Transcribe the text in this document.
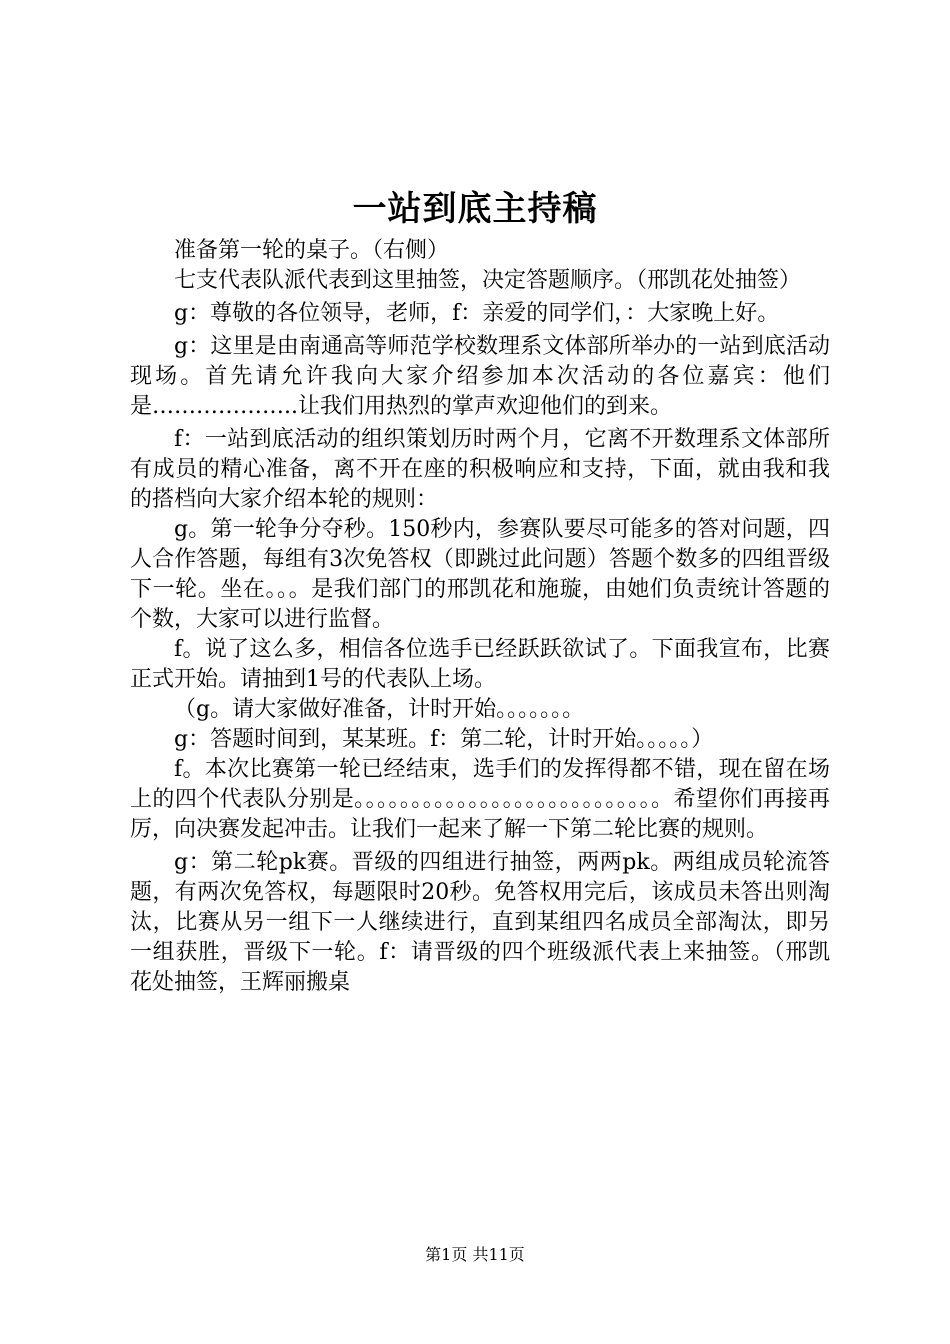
一站到底主持稿

准备第一轮的桌子。（右侧）

七支代表队派代表到这里抽签，决定答题顺序。（邢凯花处抽签）

g：尊敬的各位领导，老师，f：亲爱的同学们，：大家晚上好。

g：这里是由南通高等师范学校数理系文体部所举办的一站到底活动现场。首先请允许我向大家介绍参加本次活动的各位嘉宾：他们是………………..让我们用热烈的掌声欢迎他们的到来。

f：一站到底活动的组织策划历时两个月，它离不开数理系文体部所有成员的精心准备，离不开在座的积极响应和支持，下面，就由我和我的搭档向大家介绍本轮的规则：

g。第一轮争分夺秒。150秒内，参赛队要尽可能多的答对问题，四人合作答题，每组有3次免答权（即跳过此问题）答题个数多的四组晋级下一轮。坐在。。。是我们部门的邢凯花和施璇，由她们负责统计答题的个数，大家可以进行监督。

f。说了这么多，相信各位选手已经跃跃欲试了。下面我宣布，比赛正式开始。请抽到1号的代表队上场。

（g。请大家做好准备，计时开始。。。。。。。

g：答题时间到，某某班。f：第二轮，计时开始。。。。。）

f。本次比赛第一轮已经结束，选手们的发挥得都不错，现在留在场上的四个代表队分别是。。。。。。。。。。。。。。。。。。。。。。。。。。。希望你们再接再厉，向决赛发起冲击。让我们一起来了解一下第二轮比赛的规则。

g：第二轮pk赛。晋级的四组进行抽签，两两pk。两组成员轮流答题，有两次免答权，每题限时20秒。免答权用完后，该成员未答出则淘汰，比赛从另一组下一人继续进行，直到某组四名成员全部淘汰，即另一组获胜，晋级下一轮。f：请晋级的四个班级派代表上来抽签。（邢凯花处抽签，王辉丽搬桌

第1页 共11页
